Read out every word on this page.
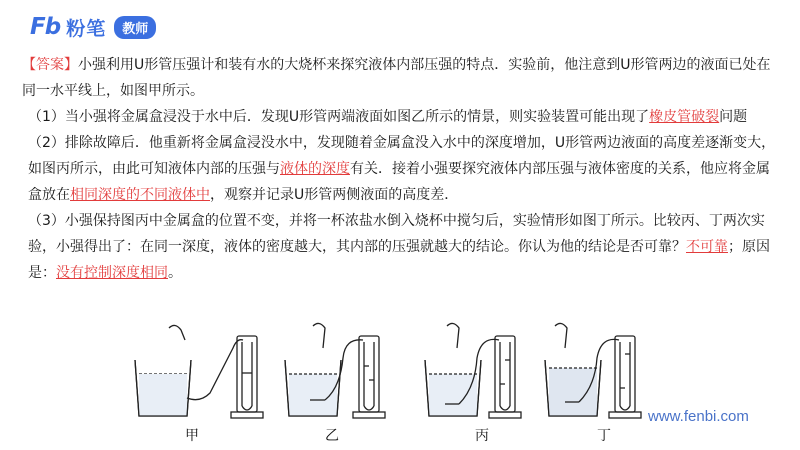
Fb 粉笔	教师

【答案】小强利用U形管压强计和装有水的大烧杯来探究液体内部压强的特点．实验前，他注意到U形管两边的液面已处在同一水平线上，如图甲所示。

（1）当小强将金属盒浸没于水中后．发现U形管两端液面如图乙所示的情景，则实验装置可能出现了橡皮管破裂问题

（2）排除故障后．他重新将金属盒浸没水中，发现随着金属盒没入水中的深度增加，U形管两边液面的高度差逐渐变大，如图丙所示，由此可知液体内部的压强与液体的深度有关．接着小强要探究液体内部压强与液体密度的关系，他应将金属盒放在相同深度的不同液体中，观察并记录U形管两侧液面的高度差．

（3）小强保持图丙中金属盒的位置不变，并将一杯浓盐水倒入烧杯中搅匀后，实验情形如图丁所示。比较丙、丁两次实验，小强得出了：在同一深度，液体的密度越大，其内部的压强就越大的结论。你认为他的结论是否可靠？不可靠；原因是：没有控制深度相同。

甲	乙	丙	丁
www.fenbi.com
